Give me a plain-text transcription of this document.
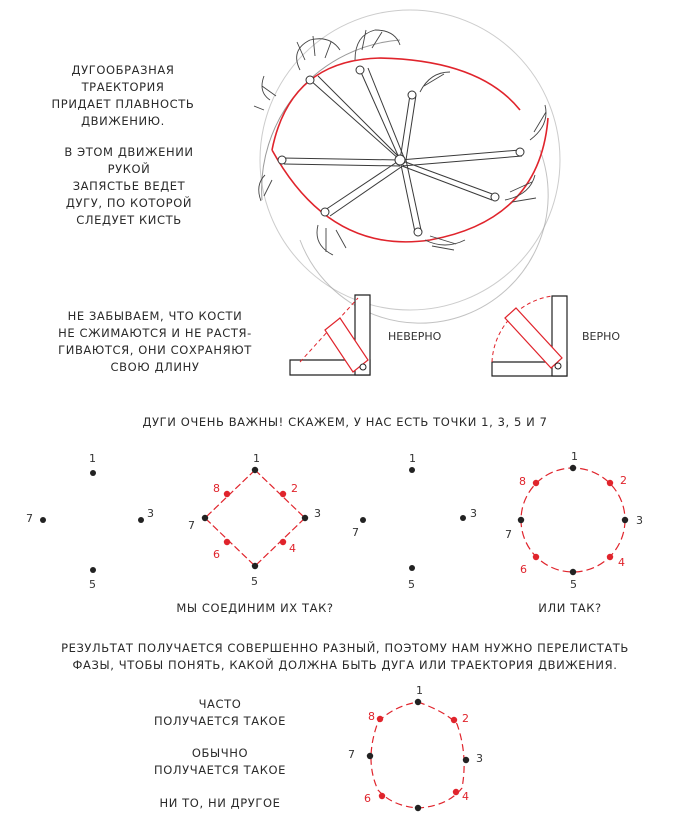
ДУГООБРАЗНАЯ
ТРАЕКТОРИЯ
ПРИДАЕТ ПЛАВНОСТЬ
ДВИЖЕНИЮ.
В ЭТОМ ДВИЖЕНИИ РУКОЙ
ЗАПЯСТЬЕ ВЕДЕТ
ДУГУ, ПО КОТОРОЙ
СЛЕДУЕТ КИСТЬ
НЕ ЗАБЫВАЕМ, ЧТО КОСТИ
НЕ СЖИМАЮТСЯ И НЕ РАСТЯ-
ГИВАЮТСЯ, ОНИ СОХРАНЯЮТ
СВОЮ ДЛИНУ
НЕВЕРНО	ВЕРНО
ДУГИ ОЧЕНЬ ВАЖНЫ! СКАЖЕМ, У НАС ЕСТЬ ТОЧКИ 1, 3, 5 И 7
1
3
5
7
1
2
3
4
5
6
7
8
1
3
5
7
1
2
3
4
5
6
7
8
МЫ СОЕДИНИМ ИХ ТАК?	ИЛИ ТАК?
РЕЗУЛЬТАТ ПОЛУЧАЕТСЯ СОВЕРШЕННО РАЗНЫЙ, ПОЭТОМУ НАМ НУЖНО ПЕРЕЛИСТАТЬ
ФАЗЫ, ЧТОБЫ ПОНЯТЬ, КАКОЙ ДОЛЖНА БЫТЬ ДУГА ИЛИ ТРАЕКТОРИЯ ДВИЖЕНИЯ.
ЧАСТО
ПОЛУЧАЕТСЯ ТАКОЕ
ОБЫЧНО
ПОЛУЧАЕТСЯ ТАКОЕ
НИ ТО, НИ ДРУГОЕ
1
2
3
4
6
7
8
